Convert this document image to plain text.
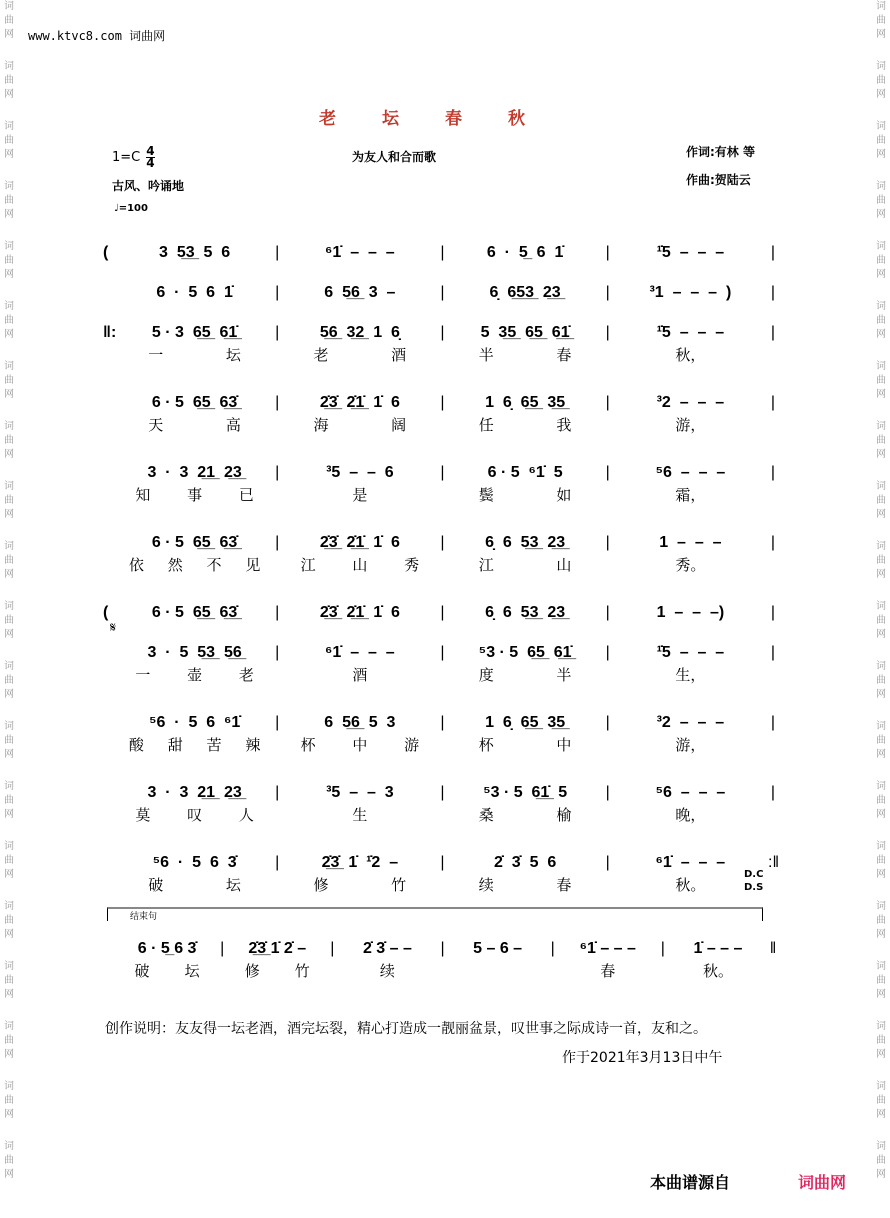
词
曲
网
词
曲
网
词
曲
网
词
曲
网
词
曲
网
词
曲
网
词
曲
网
词
曲
网
词
曲
网
词
曲
网
词
曲
网
词
曲
网
词
曲
网
词
曲
网
词
曲
网
词
曲
网
词
曲
网
词
曲
网
词
曲
网
词
曲
网
词
曲
网
词
曲
网
词
曲
网
词
曲
网
词
曲
网
词
曲
网
词
曲
网
词
曲
网
词
曲
网
词
曲
网
词
曲
网
词
曲
网
词
曲
网
词
曲
网
词
曲
网
词
曲
网
词
曲
网
词
曲
网
词
曲
网
词
曲
网
www.ktvc8.com 词曲网
老坛春秋
$1=C \frac{4}{4}$	为友人和合而歌	作词:有林 等
作曲:贺陆云
古风、吟诵地
♩=100
𝄋
结束句
D.C
D.S
(	3  5̲3̲  5  6	|	⁶1̇  –  –  –	|	6  ·  5̲  6  1̇	|	¹̇5  –  –  –	|
6  ·  5  6  1̇	|	6  5̲6̲  3  –	|	6̣  6̲5̲3̲  2̲3̲	|	³1  –  –  –  )	|
‖:	5 · 3  6̲5̲  6̲1̲̇	|	5̲6̲  3̲2̲  1  6̣	|	5  3̲5̲  6̲5̲  6̲1̲̇	|	¹̇5  –  –  –	|
一	坛	老	酒	半	春	秋，
6 · 5  6̲5̲  6̲3̲̇	|	2̲̇3̲̇  2̲̇1̲̇  1̇  6	|	1  6̣  6̲5̲  3̲5̲	|	³2  –  –  –	|
天	高	海	阔	任	我	游，
3  ·  3  2̲1̲  2̲3̲	|	³5  –  –  6	|	6 · 5  ⁶1̇  5	|	⁵6  –  –  –	|
知 事 已	是	鬓	如	霜，
6 · 5  6̲5̲  6̲3̲̇	|	2̲̇3̲̇  2̲̇1̲̇  1̇  6	|	6̣  6  5̲3̲  2̲3̲	|	1  –  –  –	|
依 然 不 见	江 山 秀	江	山	秀。
(	6 · 5  6̲5̲  6̲3̲̇	|	2̲̇3̲̇  2̲̇1̲̇  1̇  6	|	6̣  6  5̲3̲  2̲3̲	|	1  –  –  –)	|
3  ·  5  5̲3̲  5̲6̲	|	⁶1̇  –  –  –	|	⁵3 · 5  6̲5̲  6̲1̲̇	|	¹̇5  –  –  –	|
一 壶 老	酒	度	半	生，
⁵6  ·  5  6  ⁶1̇	|	6  5̲6̲  5  3	|	1  6̣  6̲5̲  3̲5̲	|	³2  –  –  –	|
酸 甜 苦 辣	杯 中 游	杯	中	游，
3  ·  3  2̲1̲  2̲3̲	|	³5  –  –  3	|	⁵3 · 5  6̲1̲̇  5	|	⁵6  –  –  –	|
莫 叹 人	生	桑	榆	晚，
⁵6  ·  5  6  3̇	|	2̲̇3̲̇  1̇  ¹̇2  –	|	2̇  3̇  5  6	|	⁶1̇  –  –  –	:‖
破	坛	修	竹	续	春	秋。
6 · 5̲ 6 3̇	|	2̲̇3̲̇ 1̇ 2̇ –	|	2̇ 3̇ – –	|	5 – 6 –	|	⁶1̇ – – –	|	1̇ – – –	‖
破 坛	修 竹	续	春	秋。
创作说明：友友得一坛老酒，酒完坛裂，精心打造成一靓丽盆景，叹世事之际成诗一首，友和之。
作于2021年3月13日中午
本曲谱源自	词曲网
